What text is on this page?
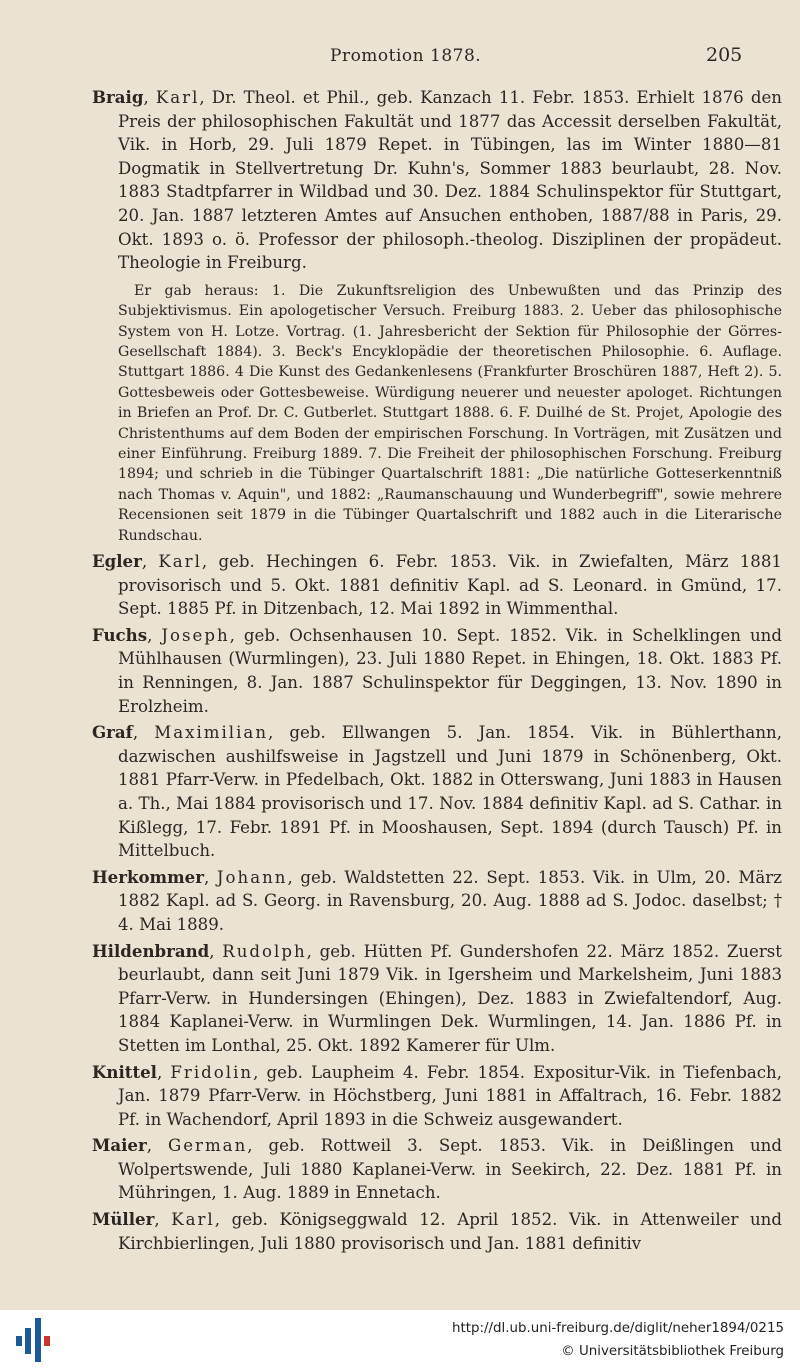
Promotion 1878.	205

Braig, Karl, Dr. Theol. et Phil., geb. Kanzach 11. Febr. 1853. Erhielt 1876 den Preis der philosophischen Fakultät und 1877 das Accessit derselben Fakultät, Vik. in Horb, 29. Juli 1879 Repet. in Tübingen, las im Winter 1880—81 Dogmatik in Stellvertretung Dr. Kuhn's, Sommer 1883 beurlaubt, 28. Nov. 1883 Stadtpfarrer in Wildbad und 30. Dez. 1884 Schulinspektor für Stuttgart, 20. Jan. 1887 letzteren Amtes auf Ansuchen enthoben, 1887/88 in Paris, 29. Okt. 1893 o. ö. Professor der philosoph.-theolog. Disziplinen der propädeut. Theologie in Freiburg.

Er gab heraus: 1. Die Zukunftsreligion des Unbewußten und das Prinzip des Subjektivismus. Ein apologetischer Versuch. Freiburg 1883. 2. Ueber das philosophische System von H. Lotze. Vortrag. (1. Jahresbericht der Sektion für Philosophie der Görres-Gesellschaft 1884). 3. Beck's Encyklopädie der theoretischen Philosophie. 6. Auflage. Stuttgart 1886. 4 Die Kunst des Gedankenlesens (Frankfurter Broschüren 1887, Heft 2). 5. Gottesbeweis oder Gottesbeweise. Würdigung neuerer und neuester apologet. Richtungen in Briefen an Prof. Dr. C. Gutberlet. Stuttgart 1888. 6. F. Duilhé de St. Projet, Apologie des Christenthums auf dem Boden der empirischen Forschung. In Vorträgen, mit Zusätzen und einer Einführung. Freiburg 1889. 7. Die Freiheit der philosophischen Forschung. Freiburg 1894; und schrieb in die Tübinger Quartalschrift 1881: „Die natürliche Gotteserkenntniß nach Thomas v. Aquin", und 1882: „Raumanschauung und Wunderbegriff", sowie mehrere Recensionen seit 1879 in die Tübinger Quartalschrift und 1882 auch in die Literarische Rundschau.

Egler, Karl, geb. Hechingen 6. Febr. 1853. Vik. in Zwiefalten, März 1881 provisorisch und 5. Okt. 1881 definitiv Kapl. ad S. Leonard. in Gmünd, 17. Sept. 1885 Pf. in Ditzenbach, 12. Mai 1892 in Wimmenthal.

Fuchs, Joseph, geb. Ochsenhausen 10. Sept. 1852. Vik. in Schelklingen und Mühlhausen (Wurmlingen), 23. Juli 1880 Repet. in Ehingen, 18. Okt. 1883 Pf. in Renningen, 8. Jan. 1887 Schulinspektor für Deggingen, 13. Nov. 1890 in Erolzheim.

Graf, Maximilian, geb. Ellwangen 5. Jan. 1854. Vik. in Bühlerthann, dazwischen aushilfsweise in Jagstzell und Juni 1879 in Schönenberg, Okt. 1881 Pfarr-Verw. in Pfedelbach, Okt. 1882 in Otterswang, Juni 1883 in Hausen a. Th., Mai 1884 provisorisch und 17. Nov. 1884 definitiv Kapl. ad S. Cathar. in Kißlegg, 17. Febr. 1891 Pf. in Mooshausen, Sept. 1894 (durch Tausch) Pf. in Mittelbuch.

Herkommer, Johann, geb. Waldstetten 22. Sept. 1853. Vik. in Ulm, 20. März 1882 Kapl. ad S. Georg. in Ravensburg, 20. Aug. 1888 ad S. Jodoc. daselbst; † 4. Mai 1889.

Hildenbrand, Rudolph, geb. Hütten Pf. Gundershofen 22. März 1852. Zuerst beurlaubt, dann seit Juni 1879 Vik. in Igersheim und Markelsheim, Juni 1883 Pfarr-Verw. in Hundersingen (Ehingen), Dez. 1883 in Zwiefaltendorf, Aug. 1884 Kaplanei-Verw. in Wurmlingen Dek. Wurmlingen, 14. Jan. 1886 Pf. in Stetten im Lonthal, 25. Okt. 1892 Kamerer für Ulm.

Knittel, Fridolin, geb. Laupheim 4. Febr. 1854. Expositur-Vik. in Tiefenbach, Jan. 1879 Pfarr-Verw. in Höchstberg, Juni 1881 in Affaltrach, 16. Febr. 1882 Pf. in Wachendorf, April 1893 in die Schweiz ausgewandert.

Maier, German, geb. Rottweil 3. Sept. 1853. Vik. in Deißlingen und Wolpertswende, Juli 1880 Kaplanei-Verw. in Seekirch, 22. Dez. 1881 Pf. in Mühringen, 1. Aug. 1889 in Ennetach.

Müller, Karl, geb. Königseggwald 12. April 1852. Vik. in Attenweiler und Kirchbierlingen, Juli 1880 provisorisch und Jan. 1881 definitiv

http://dl.ub.uni-freiburg.de/diglit/neher1894/0215
© Universitätsbibliothek Freiburg
